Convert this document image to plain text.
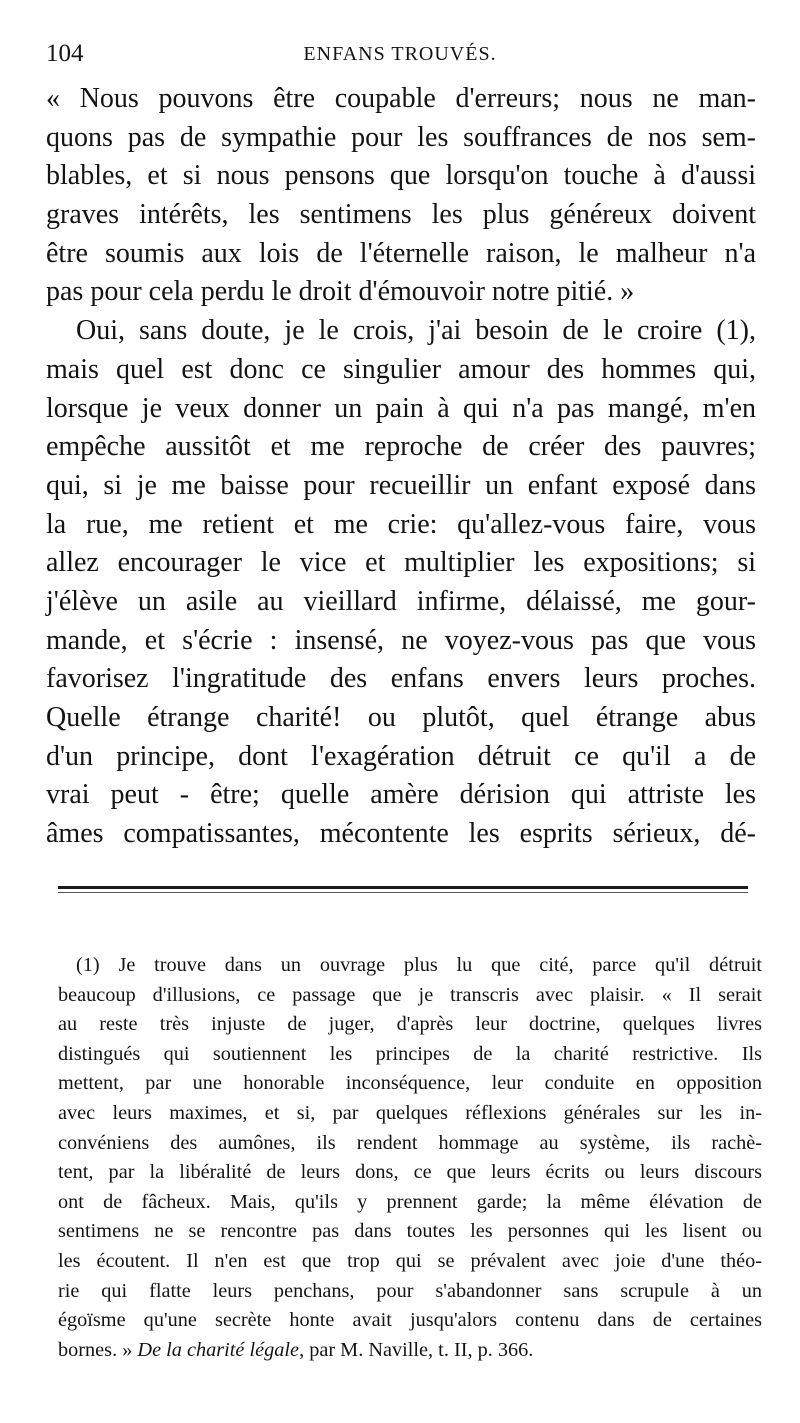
104	ENFANS TROUVÉS.
« Nous pouvons être coupable d'erreurs; nous ne man-
quons pas de sympathie pour les souffrances de nos sem-
blables, et si nous pensons que lorsqu'on touche à d'aussi
graves intérêts, les sentimens les plus généreux doivent
être soumis aux lois de l'éternelle raison, le malheur n'a
pas pour cela perdu le droit d'émouvoir notre pitié. »
Oui, sans doute, je le crois, j'ai besoin de le croire (1),
mais quel est donc ce singulier amour des hommes qui,
lorsque je veux donner un pain à qui n'a pas mangé, m'en
empêche aussitôt et me reproche de créer des pauvres;
qui, si je me baisse pour recueillir un enfant exposé dans
la rue, me retient et me crie: qu'allez-vous faire, vous
allez encourager le vice et multiplier les expositions; si
j'élève un asile au vieillard infirme, délaissé, me gour-
mande, et s'écrie : insensé, ne voyez-vous pas que vous
favorisez l'ingratitude des enfans envers leurs proches.
Quelle étrange charité! ou plutôt, quel étrange abus
d'un principe, dont l'exagération détruit ce qu'il a de
vrai peut - être; quelle amère dérision qui attriste les
âmes compatissantes, mécontente les esprits sérieux, dé-
(1) Je trouve dans un ouvrage plus lu que cité, parce qu'il détruit
beaucoup d'illusions, ce passage que je transcris avec plaisir. « Il serait
au reste très injuste de juger, d'après leur doctrine, quelques livres
distingués qui soutiennent les principes de la charité restrictive. Ils
mettent, par une honorable inconséquence, leur conduite en opposition
avec leurs maximes, et si, par quelques réflexions générales sur les in-
convéniens des aumônes, ils rendent hommage au système, ils rachè-
tent, par la libéralité de leurs dons, ce que leurs écrits ou leurs discours
ont de fâcheux. Mais, qu'ils y prennent garde; la même élévation de
sentimens ne se rencontre pas dans toutes les personnes qui les lisent ou
les écoutent. Il n'en est que trop qui se prévalent avec joie d'une théo-
rie qui flatte leurs penchans, pour s'abandonner sans scrupule à un
égoïsme qu'une secrète honte avait jusqu'alors contenu dans de certaines
bornes. » De la charité légale, par M. Naville, t. II, p. 366.
